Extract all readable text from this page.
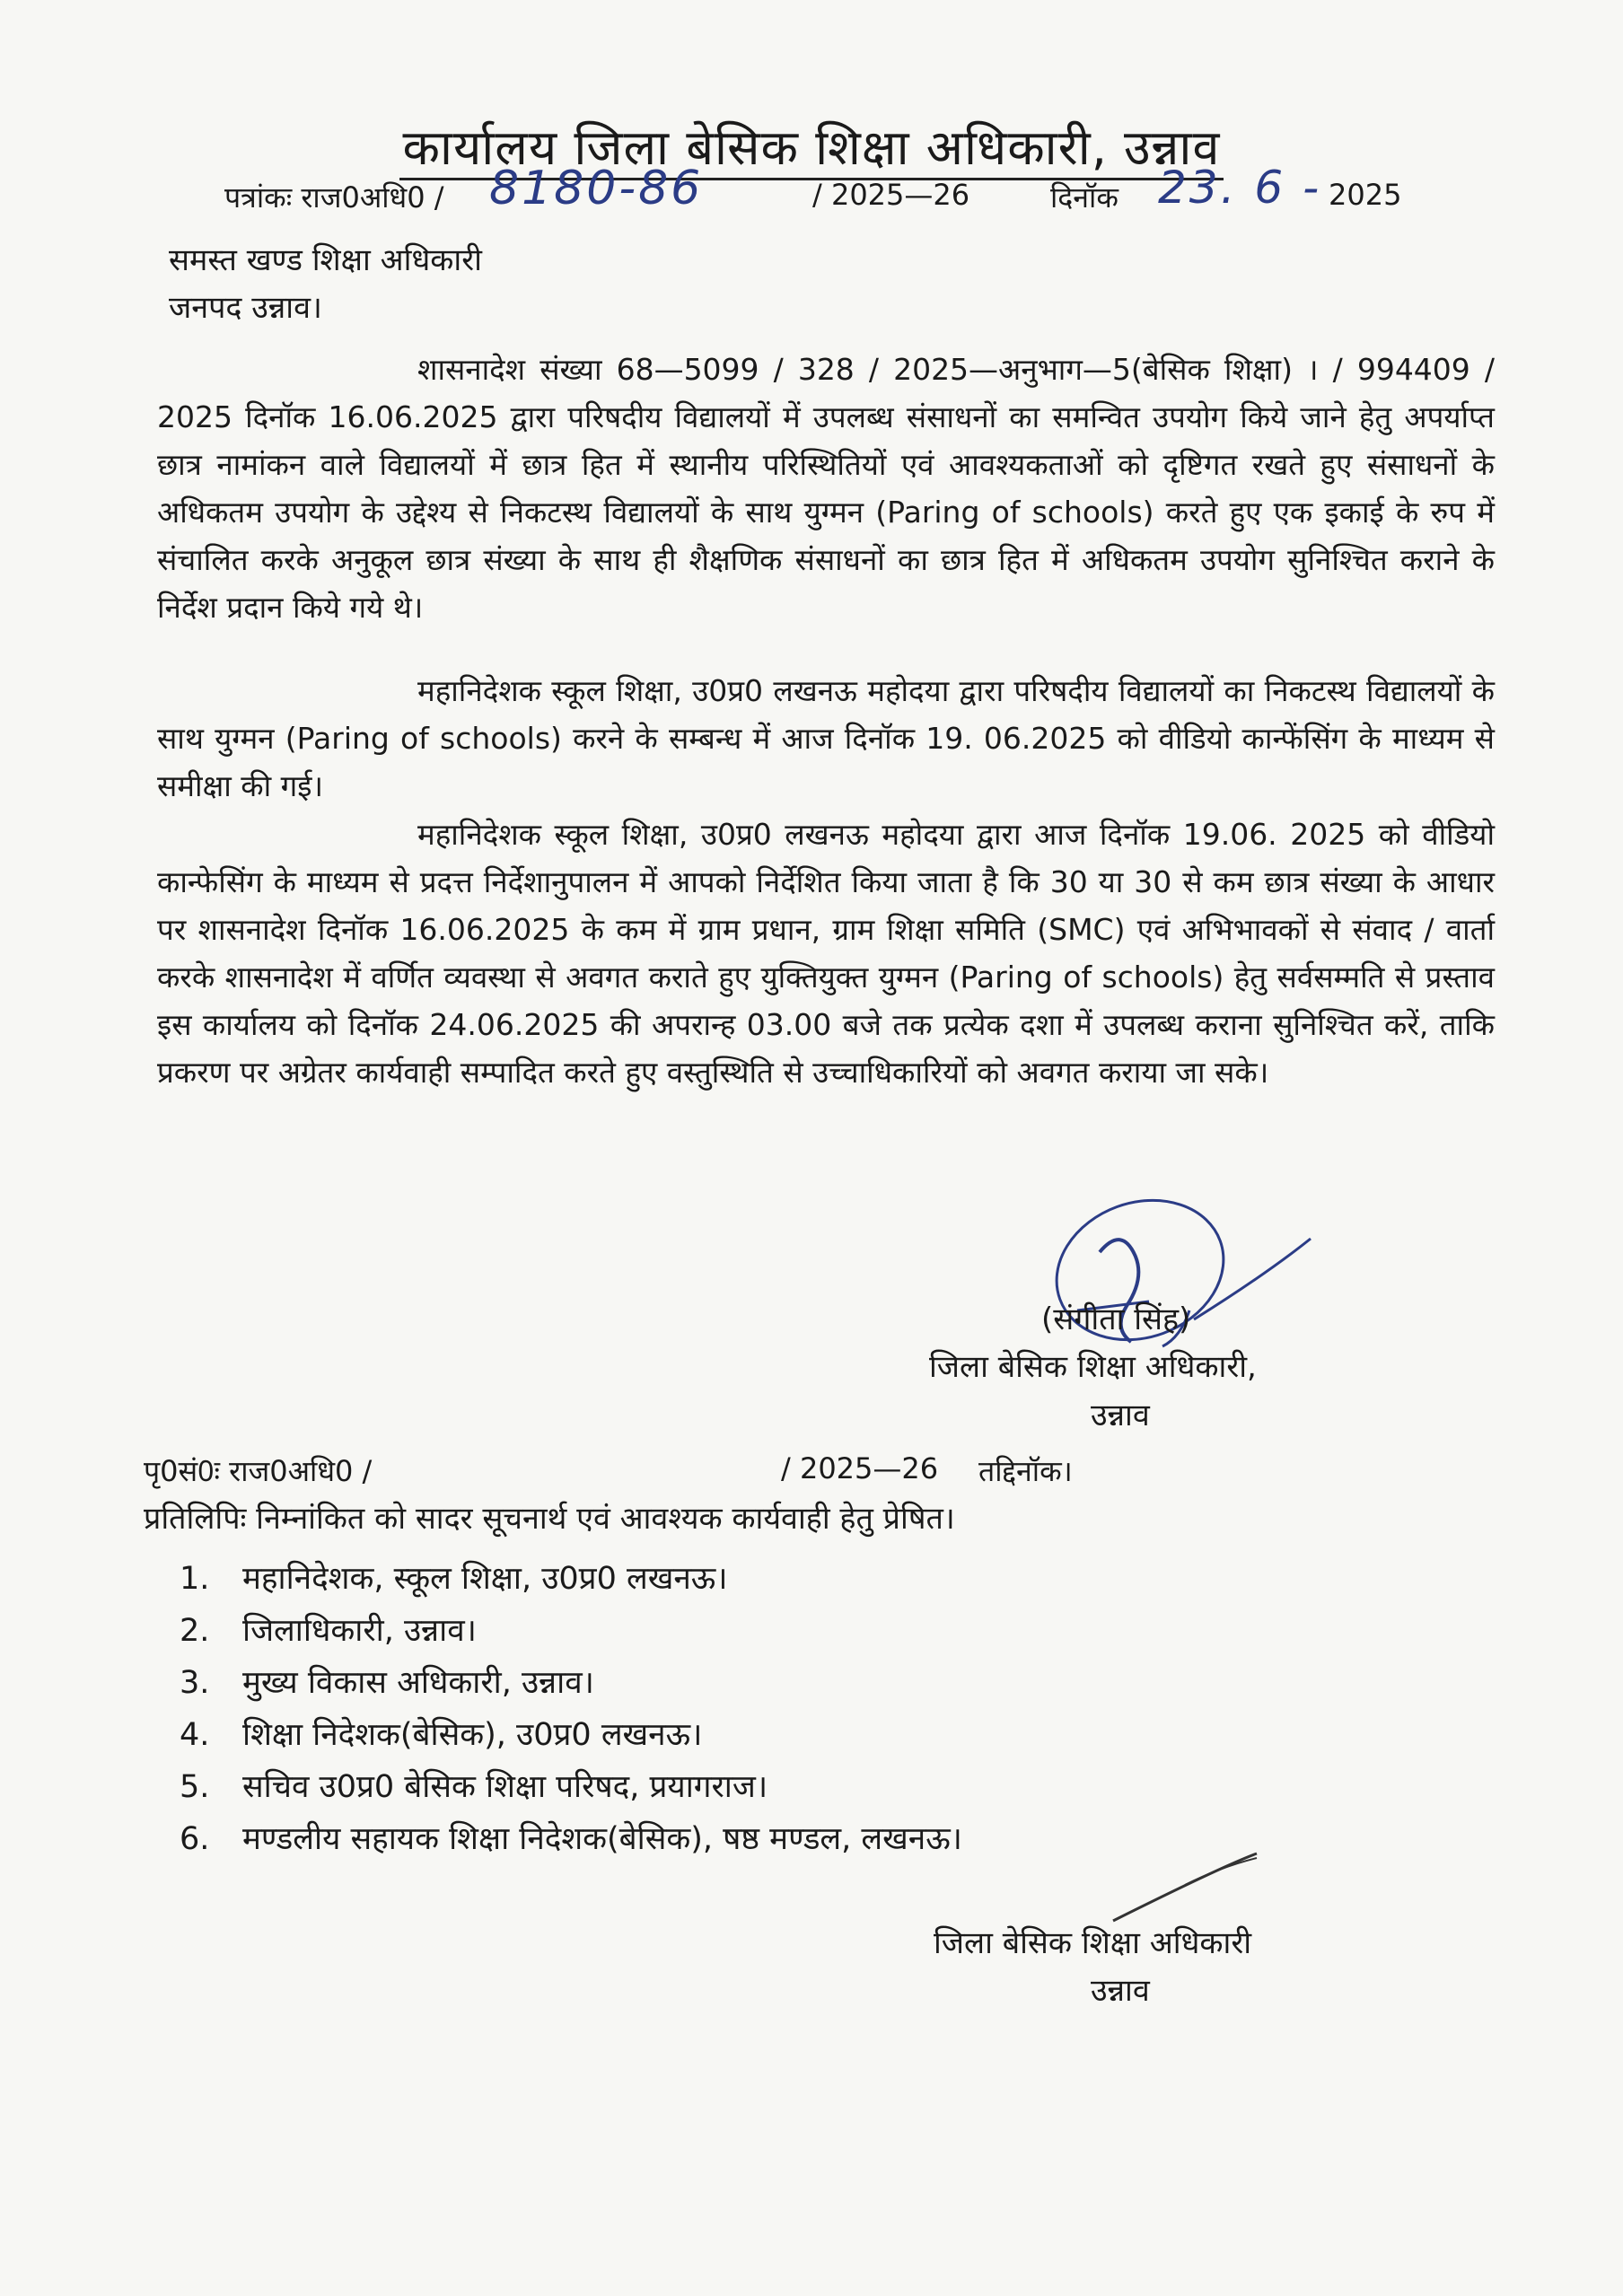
कार्यालय जिला बेसिक शिक्षा अधिकारी, उन्नाव
पत्रांकः राज0अधि0 / 8180-86	/ 2025—26	दिनॉक 23. 6 - 2025
समस्त खण्ड शिक्षा अधिकारी
जनपद उन्नाव।
शासनादेश संख्या 68—5099 / 328 / 2025—अनुभाग—5(बेसिक शिक्षा) । / 994409 / 2025 दिनॉक 16.06.2025 द्वारा परिषदीय विद्यालयों में उपलब्ध संसाधनों का समन्वित उपयोग किये जाने हेतु अपर्याप्त छात्र नामांकन वाले विद्यालयों में छात्र हित में स्थानीय परिस्थितियों एवं आवश्यकताओं को दृष्टिगत रखते हुए संसाधनों के अधिकतम उपयोग के उद्देश्य से निकटस्थ विद्यालयों के साथ युग्मन (Paring of schools) करते हुए एक इकाई के रुप में संचालित करके अनुकूल छात्र संख्या के साथ ही शैक्षणिक संसाधनों का छात्र हित में अधिकतम उपयोग सुनिश्चित कराने के निर्देश प्रदान किये गये थे।
महानिदेशक स्कूल शिक्षा, उ0प्र0 लखनऊ महोदया द्वारा परिषदीय विद्यालयों का निकटस्थ विद्यालयों के साथ युग्मन (Paring of schools) करने के सम्बन्ध में आज दिनॉक 19. 06.2025 को वीडियो कान्फेंसिंग के माध्यम से समीक्षा की गई।
महानिदेशक स्कूल शिक्षा, उ0प्र0 लखनऊ महोदया द्वारा आज दिनॉक 19.06. 2025 को वीडियो कान्फेसिंग के माध्यम से प्रदत्त निर्देशानुपालन में आपको निर्देशित किया जाता है कि 30 या 30 से कम छात्र संख्या के आधार पर शासनादेश दिनॉक 16.06.2025 के कम में ग्राम प्रधान, ग्राम शिक्षा समिति (SMC) एवं अभिभावकों से संवाद / वार्ता करके शासनादेश में वर्णित व्यवस्था से अवगत कराते हुए युक्तियुक्त युग्मन (Paring of schools) हेतु सर्वसम्मति से प्रस्ताव इस कार्यालय को दिनॉक 24.06.2025 की अपरान्ह 03.00 बजे तक प्रत्येक दशा में उपलब्ध कराना सुनिश्चित करें, ताकि प्रकरण पर अग्रेतर कार्यवाही सम्पादित करते हुए वस्तुस्थिति से उच्चाधिकारियों को अवगत कराया जा सके।
(संगीता सिंह)
जिला बेसिक शिक्षा अधिकारी,
उन्नाव
पृ0सं0ः राज0अधि0 /	/ 2025—26 तद्दिनॉक।
प्रतिलिपिः निम्नांकित को सादर सूचनार्थ एवं आवश्यक कार्यवाही हेतु प्रेषित।
1. महानिदेशक, स्कूल शिक्षा, उ0प्र0 लखनऊ।
2. जिलाधिकारी, उन्नाव।
3. मुख्य विकास अधिकारी, उन्नाव।
4. शिक्षा निदेशक(बेसिक), उ0प्र0 लखनऊ।
5. सचिव उ0प्र0 बेसिक शिक्षा परिषद, प्रयागराज।
6. मण्डलीय सहायक शिक्षा निदेशक(बेसिक), षष्ठ मण्डल, लखनऊ।
जिला बेसिक शिक्षा अधिकारी
उन्नाव
